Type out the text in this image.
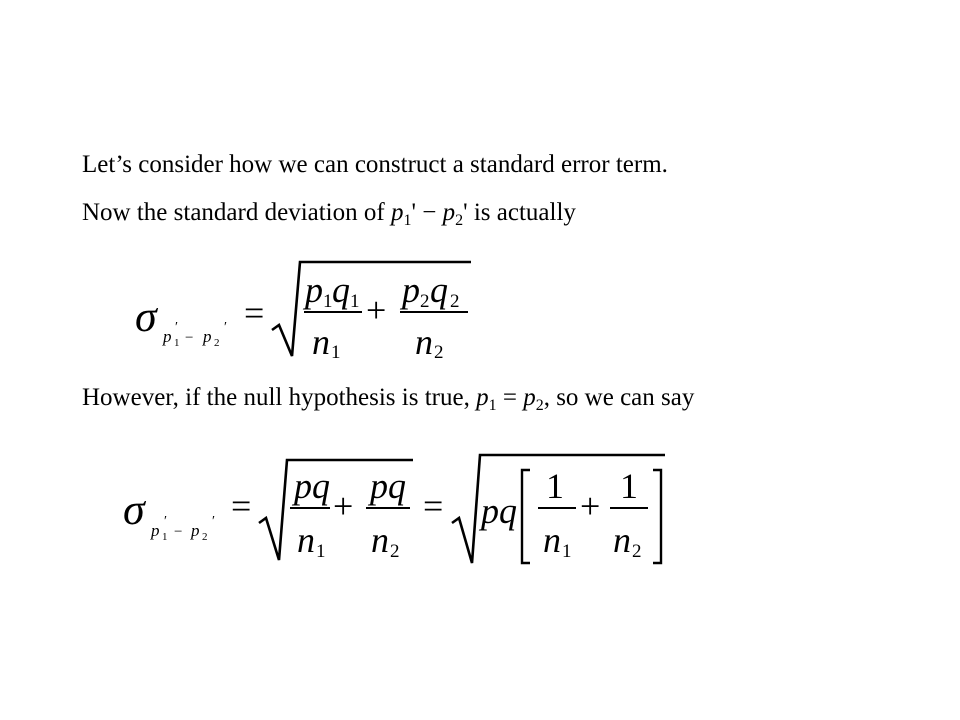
Let’s consider how we can construct a standard error term.
Now the standard deviation of $p_1' - p_2'$ is actually
However, if the null hypothesis is true, $p_1 = p_2$, so we can say
σ p 1
′
− p 2
′ =
p 1 q 1
n 1
+ p 2 q 2
n 2
σ p 1
′
− p 2
′ = pq
n 1
+ pq
n 2
= pq
1
n 1
+ 1
n 2
